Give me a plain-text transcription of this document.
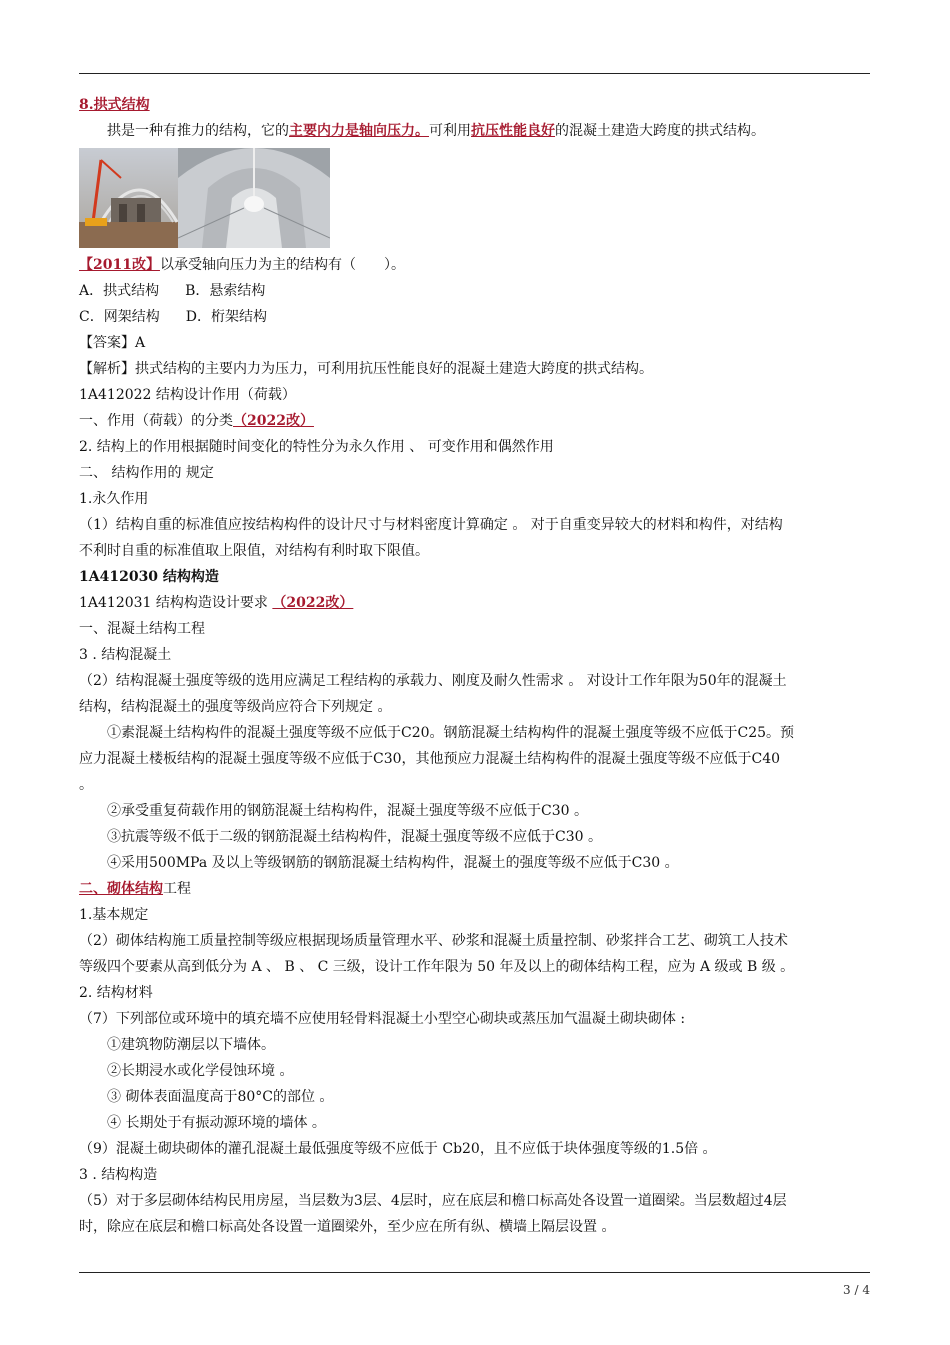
8.拱式结构
拱是一种有推力的结构，它的主要内力是轴向压力。可利用抗压性能良好的混凝土建造大跨度的拱式结构。
【2011改】以承受轴向压力为主的结构有（　　）。
A．拱式结构 B．悬索结构
C．网架结构 D．桁架结构
【答案】A
【解析】拱式结构的主要内力为压力，可利用抗压性能良好的混凝土建造大跨度的拱式结构。
1A412022 结构设计作用（荷载）
一、作用（荷载）的分类（2022改）
2. 结构上的作用根据随时间变化的特性分为永久作用 、 可变作用和偶然作用
二、 结构作用的 规定
1.永久作用
（1）结构自重的标准值应按结构构件的设计尺寸与材料密度计算确定 。 对于自重变异较大的材料和构件，对结构
不利时自重的标准值取上限值，对结构有利时取下限值。
1A412030 结构构造
1A412031 结构构造设计要求 （2022改）
一、混凝土结构工程
3 . 结构混凝土
（2）结构混凝土强度等级的选用应满足工程结构的承载力、刚度及耐久性需求 。 对设计工作年限为50年的混凝土
结构，结构混凝土的强度等级尚应符合下列规定 。
①素混凝土结构构件的混凝土强度等级不应低于C20。钢筋混凝土结构构件的混凝土强度等级不应低于C25。预
应力混凝土楼板结构的混凝土强度等级不应低于C30，其他预应力混凝土结构构件的混凝土强度等级不应低于C40
。
②承受重复荷载作用的钢筋混凝土结构构件，混凝土强度等级不应低于C30 。
③抗震等级不低于二级的钢筋混凝土结构构件，混凝土强度等级不应低于C30 。
④采用500MPa 及以上等级钢筋的钢筋混凝土结构构件，混凝土的强度等级不应低于C30 。
二、砌体结构工程
1.基本规定
（2）砌体结构施工质量控制等级应根据现场质量管理水平、砂浆和混凝土质量控制、砂浆拌合工艺、砌筑工人技术
等级四个要素从高到低分为 A 、 B 、 C 三级，设计工作年限为 50 年及以上的砌体结构工程，应为 A 级或 B 级 。
2. 结构材料
（7）下列部位或环境中的填充墙不应使用轻骨料混凝土小型空心砌块或蒸压加气温凝土砌块砌体 :
①建筑物防潮层以下墙体。
②长期浸水或化学侵蚀环境 。
③ 砌体表面温度高于80°C的部位 。
④ 长期处于有振动源环境的墙体 。
（9）混凝土砌块砌体的灌孔混凝土最低强度等级不应低于 Cb20，且不应低于块体强度等级的1.5倍 。
3 . 结构构造
（5）对于多层砌体结构民用房屋，当层数为3层、4层时，应在底层和檐口标高处各设置一道圈梁。当层数超过4层
时，除应在底层和檐口标高处各设置一道圈梁外，至少应在所有纵、横墙上隔层设置 。
3 / 4
